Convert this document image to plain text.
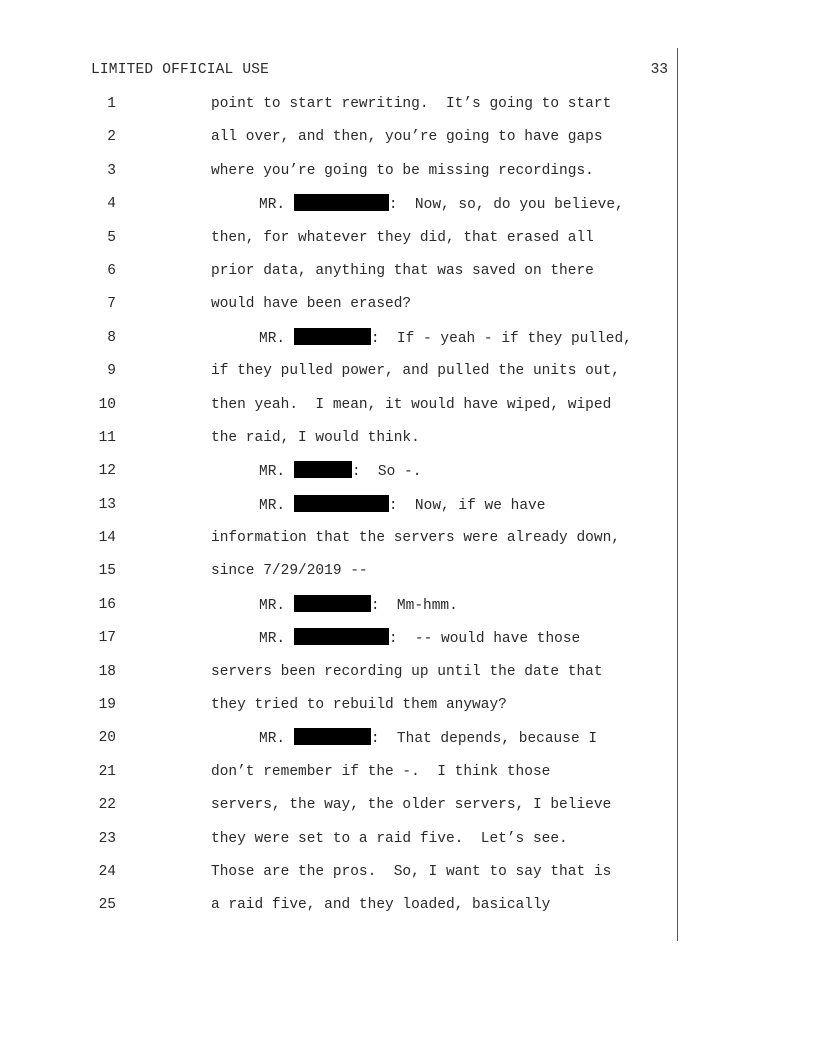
LIMITED OFFICIAL USE	33
1	point to start rewriting.  It’s going to start
2	all over, and then, you’re going to have gaps
3	where you’re going to be missing recordings.
4	MR.	:  Now, so, do you believe,
5	then, for whatever they did, that erased all
6	prior data, anything that was saved on there
7	would have been erased?
8	MR.	:  If - yeah - if they pulled,
9	if they pulled power, and pulled the units out,
10	then yeah.  I mean, it would have wiped, wiped
11	the raid, I would think.
12	MR.	:  So -.
13	MR.	:  Now, if we have
14	information that the servers were already down,
15	since 7/29/2019 --
16	MR.	:  Mm-hmm.
17	MR.	:  -- would have those
18	servers been recording up until the date that
19	they tried to rebuild them anyway?
20	MR.	:  That depends, because I
21	don’t remember if the -.  I think those
22	servers, the way, the older servers, I believe
23	they were set to a raid five.  Let’s see.
24	Those are the pros.  So, I want to say that is
25	a raid five, and they loaded, basically
